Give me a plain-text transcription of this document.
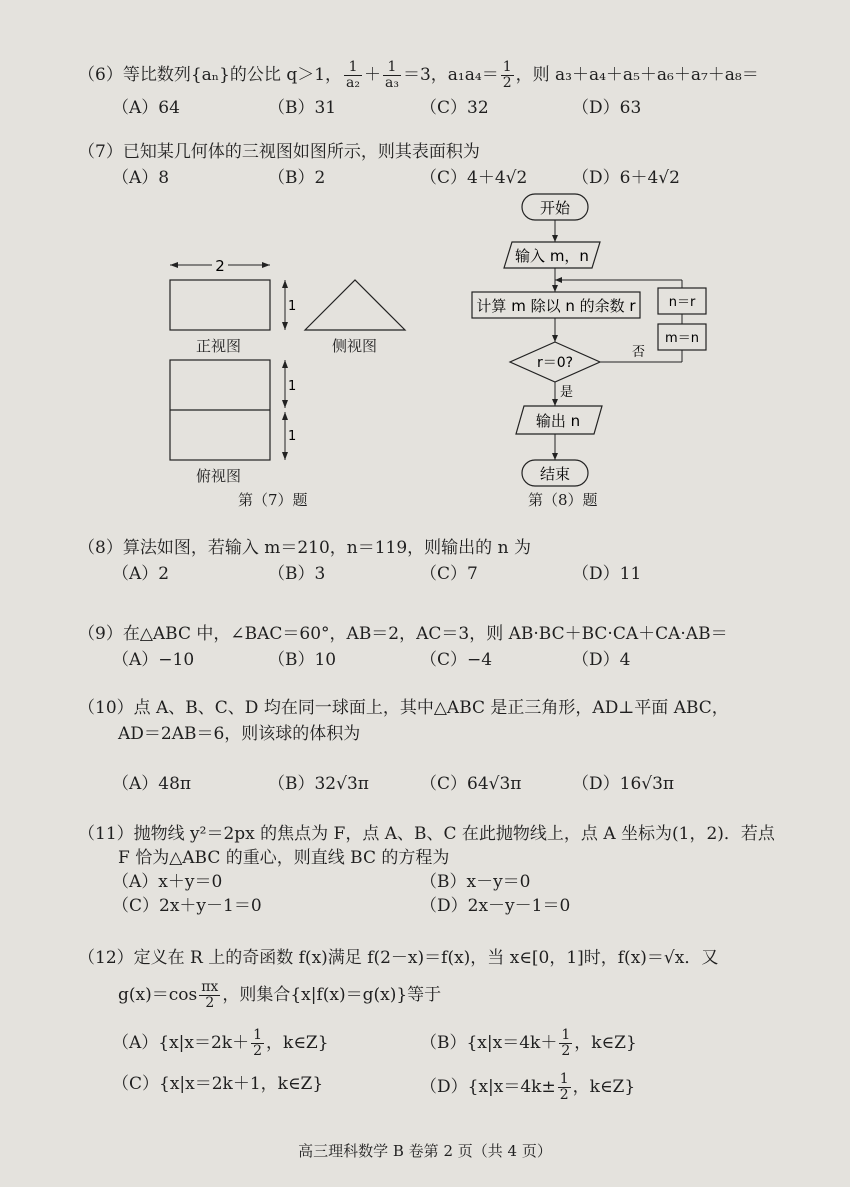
（6）等比数列{aₙ}的公比 q＞1， $\frac{1}{\text{a₂}} + \frac{1}{\text{a₃}} =3$，$a_1a_4= \frac{1}{2}$ ，则 a₃＋a₄＋a₅＋a₆＋a₇＋a₈＝
（A）64	（B）31	（C）32	（D）63
（7）已知某几何体的三视图如图所示，则其表面积为
（A）8	（B）2	（C）4＋4√2	（D）6＋4√2
2
1
1
1
正视图	侧视图
俯视图
第（7）题
开始
输入 m，n
计算 m 除以 n 的余数 r
r＝0?
否
m＝n
n＝r
是
输出 n
结束
第（8）题
（8）算法如图，若输入 m＝210，n＝119，则输出的 n 为
（A）2	（B）3	（C）7	（D）11
（9）在△ABC 中，∠BAC＝60°，AB＝2，AC＝3，则 AB·BC＋BC·CA＋CA·AB＝
（A）−10	（B）10	（C）−4	（D）4
（10）点 A、B、C、D 均在同一球面上，其中△ABC 是正三角形，AD⊥平面 ABC，
AD＝2AB＝6，则该球的体积为
（A）48π	（B）32√3π	（C）64√3π	（D）16√3π
（11）抛物线 y²＝2px 的焦点为 F，点 A、B、C 在此抛物线上，点 A 坐标为(1，2)．若点
F 恰为△ABC 的重心，则直线 BC 的方程为
（A）x＋y＝0	（B）x－y＝0
（C）2x＋y－1＝0	（D）2x－y－1＝0
（12）定义在 R 上的奇函数 f(x)满足 f(2－x)＝f(x)，当 x∈[0，1]时，f(x)＝√x．又
$g(x)=\cos \frac{\pi x}{2}$ ，则集合{x|f(x)＝g(x)}等于
$(A)\{x|x=2k+ \frac{1}{2}$ ，k∈Z}	$(B)\{x|x=4k+ \frac{1}{2}$ ，k∈Z}
（C）{x|x＝2k＋1，k∈Z}	$(D)\{x|x=4k\pm \frac{1}{2}$ ，k∈Z}
高三理科数学 B 卷第 2 页（共 4 页）
